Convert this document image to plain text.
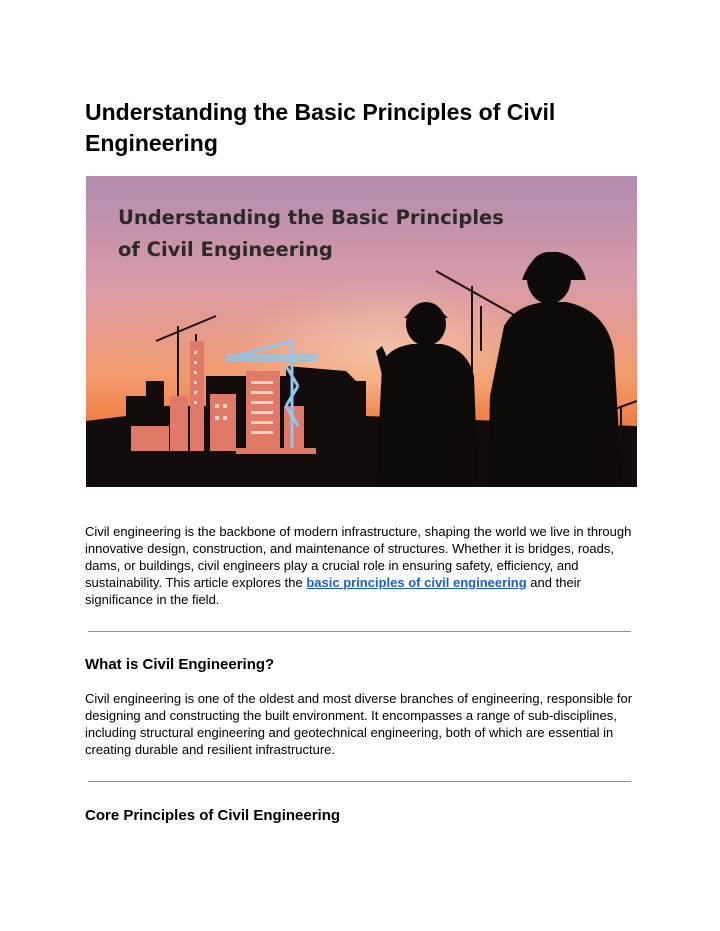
Understanding the Basic Principles of Civil Engineering

Understanding the Basic Principles
of Civil Engineering

Civil engineering is the backbone of modern infrastructure, shaping the world we live in through innovative design, construction, and maintenance of structures. Whether it is bridges, roads, dams, or buildings, civil engineers play a crucial role in ensuring safety, efficiency, and sustainability. This article explores the basic principles of civil engineering and their significance in the field.

What is Civil Engineering?

Civil engineering is one of the oldest and most diverse branches of engineering, responsible for designing and constructing the built environment. It encompasses a range of sub-disciplines, including structural engineering and geotechnical engineering, both of which are essential in creating durable and resilient infrastructure.

Core Principles of Civil Engineering
